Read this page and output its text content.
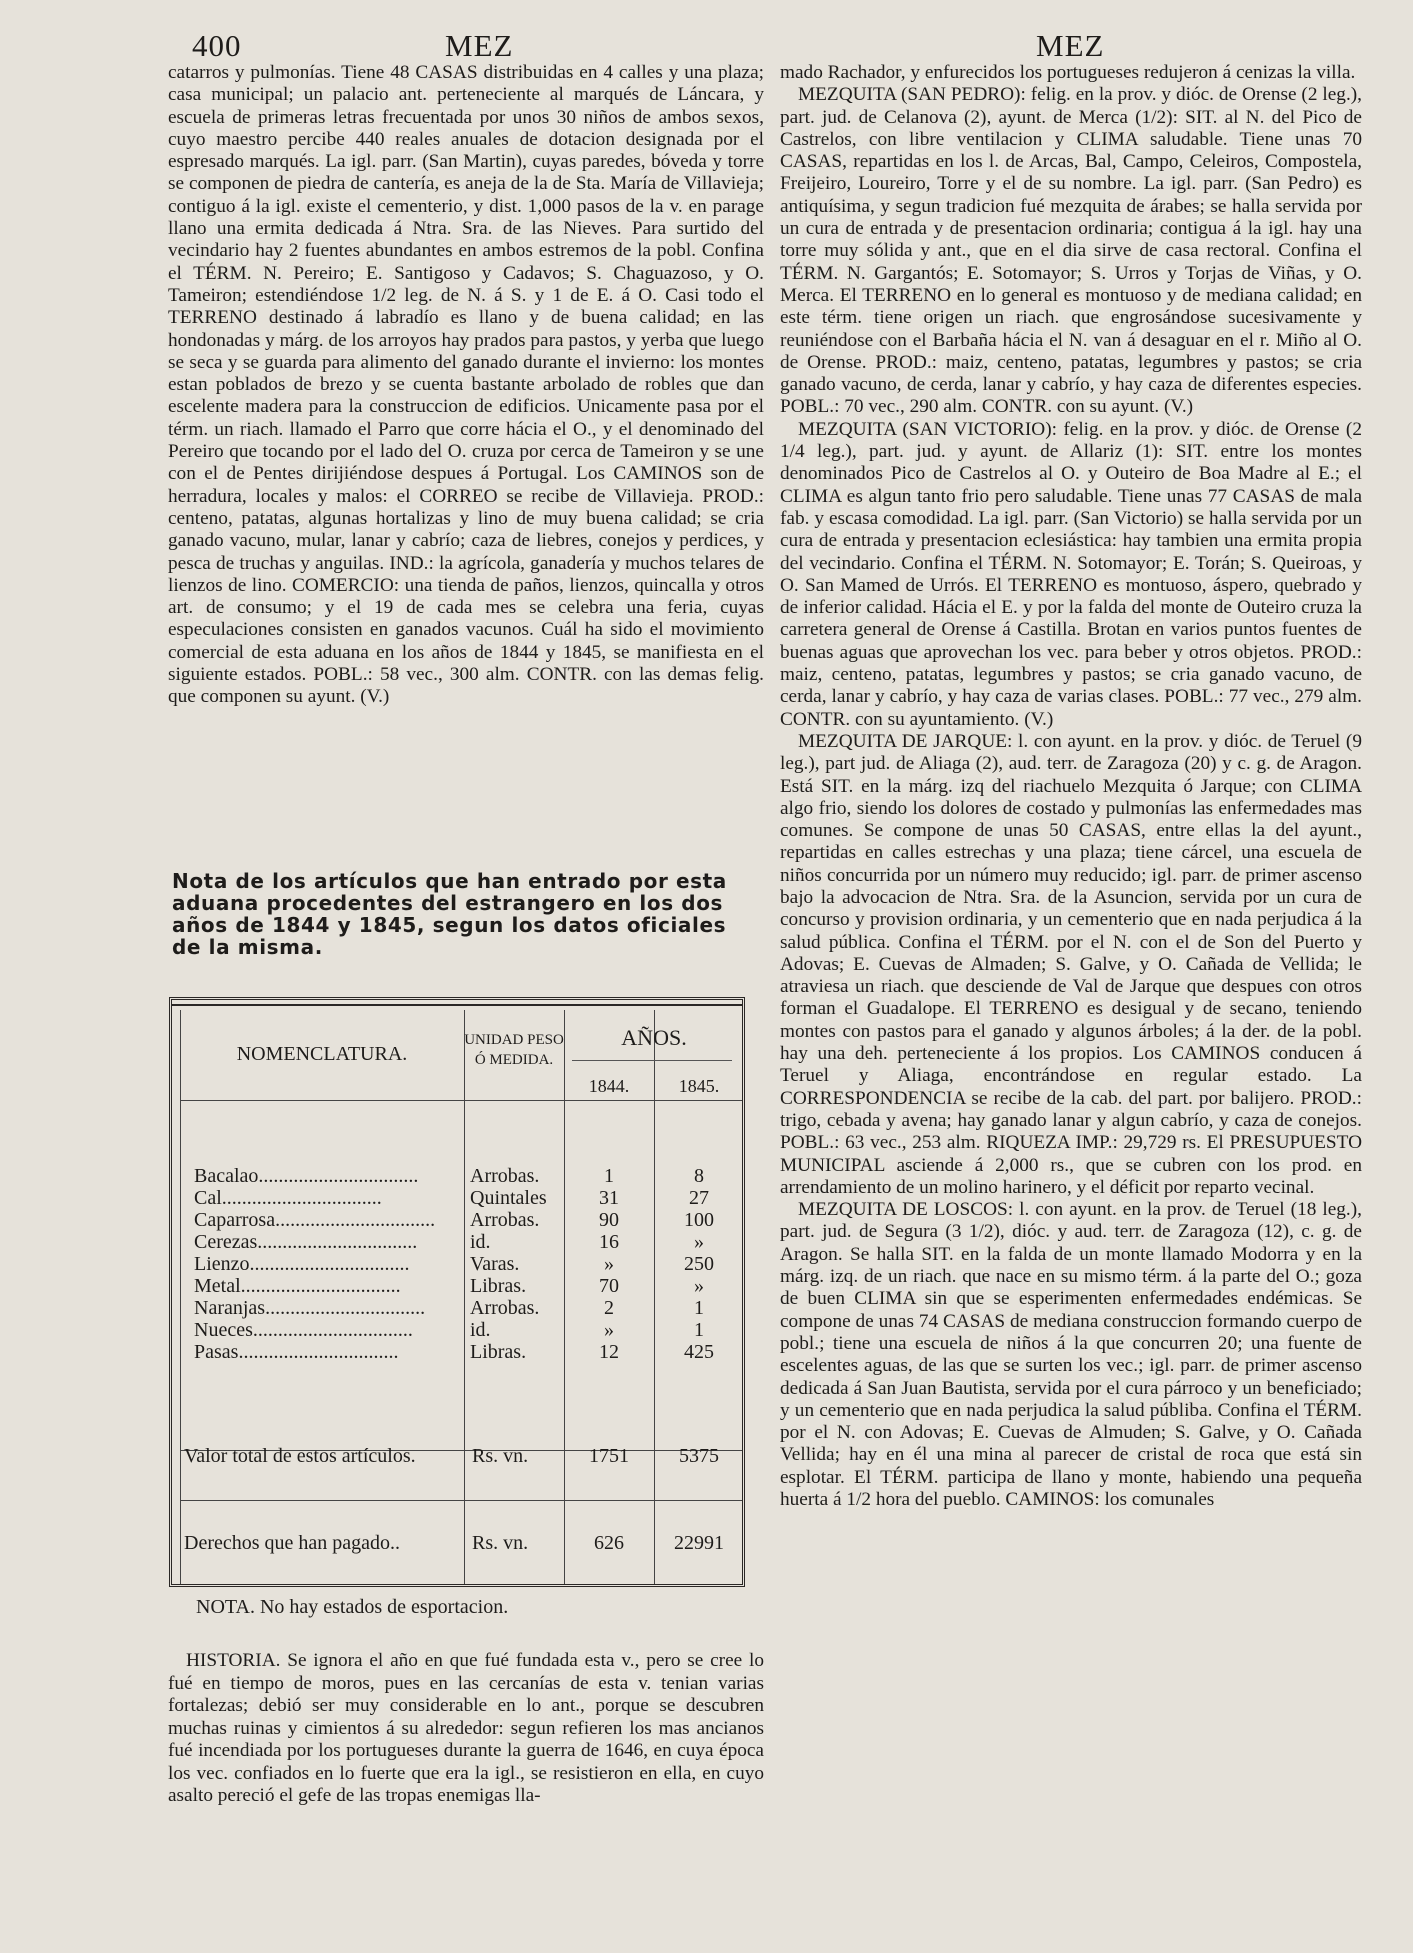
400	MEZ	MEZ

catarros y pulmonías. Tiene 48 CASAS distribuidas en 4 calles y una plaza; casa municipal; un palacio ant. perteneciente al marqués de Láncara, y escuela de primeras letras frecuentada por unos 30 niños de ambos sexos, cuyo maestro percibe 440 reales anuales de dotacion designada por el espresado marqués. La igl. parr. (San Martin), cuyas paredes, bóveda y torre se componen de piedra de cantería, es aneja de la de Sta. María de Villavieja; contiguo á la igl. existe el cementerio, y dist. 1,000 pasos de la v. en parage llano una ermita dedicada á Ntra. Sra. de las Nieves. Para surtido del vecindario hay 2 fuentes abundantes en ambos estremos de la pobl. Confina el TÉRM. N. Pereiro; E. Santigoso y Cadavos; S. Chaguazoso, y O. Tameiron; estendiéndose 1/2 leg. de N. á S. y 1 de E. á O. Casi todo el TERRENO destinado á labradío es llano y de buena calidad; en las hondonadas y márg. de los arroyos hay prados para pastos, y yerba que luego se seca y se guarda para alimento del ganado durante el invierno: los montes estan poblados de brezo y se cuenta bastante arbolado de robles que dan escelente madera para la construccion de edificios. Unicamente pasa por el térm. un riach. llamado el Parro que corre hácia el O., y el denominado del Pereiro que tocando por el lado del O. cruza por cerca de Tameiron y se une con el de Pentes dirijiéndose despues á Portugal. Los CAMINOS son de herradura, locales y malos: el CORREO se recibe de Villavieja. PROD.: centeno, patatas, algunas hortalizas y lino de muy buena calidad; se cria ganado vacuno, mular, lanar y cabrío; caza de liebres, conejos y perdices, y pesca de truchas y anguilas. IND.: la agrícola, ganadería y muchos telares de lienzos de lino. COMERCIO: una tienda de paños, lienzos, quincalla y otros art. de consumo; y el 19 de cada mes se celebra una feria, cuyas especulaciones consisten en ganados vacunos. Cuál ha sido el movimiento comercial de esta aduana en los años de 1844 y 1845, se manifiesta en el siguiente estados. POBL.: 58 vec., 300 alm. CONTR. con las demas felig. que componen su ayunt. (V.)

Nota de los artículos que han entrado por esta aduana procedentes del estrangero en los dos años de 1844 y 1845, segun los datos oficiales de la misma.
NOMENCLATURA.
UNIDAD PESO Ó MEDIDA.
AÑOS.
1844.	1845.
Bacalao................................	Arrobas.	1	8
Cal................................	Quintales	31	27
Caparrosa................................	Arrobas.	90	100
Cerezas................................	id.	16	»
Lienzo................................	Varas.	»	250
Metal................................	Libras.	70	»
Naranjas................................	Arrobas.	2	1
Nueces................................	id.	»	1
Pasas................................	Libras.	12	425
Valor total de estos artículos.	Rs. vn.	1751	5375
Derechos que han pagado..	Rs. vn.	626	22991
NOTA. No hay estados de esportacion.

HISTORIA. Se ignora el año en que fué fundada esta v., pero se cree lo fué en tiempo de moros, pues en las cercanías de esta v. tenian varias fortalezas; debió ser muy considerable en lo ant., porque se descubren muchas ruinas y cimientos á su alrededor: segun refieren los mas ancianos fué incendiada por los portugueses durante la guerra de 1646, en cuya época los vec. confiados en lo fuerte que era la igl., se resistieron en ella, en cuyo asalto pereció el gefe de las tropas enemigas lla-

mado Rachador, y enfurecidos los portugueses redujeron á cenizas la villa.

MEZQUITA (SAN PEDRO): felig. en la prov. y dióc. de Orense (2 leg.), part. jud. de Celanova (2), ayunt. de Merca (1/2): SIT. al N. del Pico de Castrelos, con libre ventilacion y CLIMA saludable. Tiene unas 70 CASAS, repartidas en los l. de Arcas, Bal, Campo, Celeiros, Compostela, Freijeiro, Loureiro, Torre y el de su nombre. La igl. parr. (San Pedro) es antiquísima, y segun tradicion fué mezquita de árabes; se halla servida por un cura de entrada y de presentacion ordinaria; contigua á la igl. hay una torre muy sólida y ant., que en el dia sirve de casa rectoral. Confina el TÉRM. N. Gargantós; E. Sotomayor; S. Urros y Torjas de Viñas, y O. Merca. El TERRENO en lo general es montuoso y de mediana calidad; en este térm. tiene origen un riach. que engrosándose sucesivamente y reuniéndose con el Barbaña hácia el N. van á desaguar en el r. Miño al O. de Orense. PROD.: maiz, centeno, patatas, legumbres y pastos; se cria ganado vacuno, de cerda, lanar y cabrío, y hay caza de diferentes especies. POBL.: 70 vec., 290 alm. CONTR. con su ayunt. (V.)

MEZQUITA (SAN VICTORIO): felig. en la prov. y dióc. de Orense (2 1/4 leg.), part. jud. y ayunt. de Allariz (1): SIT. entre los montes denominados Pico de Castrelos al O. y Outeiro de Boa Madre al E.; el CLIMA es algun tanto frio pero saludable. Tiene unas 77 CASAS de mala fab. y escasa comodidad. La igl. parr. (San Victorio) se halla servida por un cura de entrada y presentacion eclesiástica: hay tambien una ermita propia del vecindario. Confina el TÉRM. N. Sotomayor; E. Torán; S. Queiroas, y O. San Mamed de Urrós. El TERRENO es montuoso, áspero, quebrado y de inferior calidad. Hácia el E. y por la falda del monte de Outeiro cruza la carretera general de Orense á Castilla. Brotan en varios puntos fuentes de buenas aguas que aprovechan los vec. para beber y otros objetos. PROD.: maiz, centeno, patatas, legumbres y pastos; se cria ganado vacuno, de cerda, lanar y cabrío, y hay caza de varias clases. POBL.: 77 vec., 279 alm. CONTR. con su ayuntamiento. (V.)

MEZQUITA DE JARQUE: l. con ayunt. en la prov. y dióc. de Teruel (9 leg.), part jud. de Aliaga (2), aud. terr. de Zaragoza (20) y c. g. de Aragon. Está SIT. en la márg. izq del riachuelo Mezquita ó Jarque; con CLIMA algo frio, siendo los dolores de costado y pulmonías las enfermedades mas comunes. Se compone de unas 50 CASAS, entre ellas la del ayunt., repartidas en calles estrechas y una plaza; tiene cárcel, una escuela de niños concurrida por un número muy reducido; igl. parr. de primer ascenso bajo la advocacion de Ntra. Sra. de la Asuncion, servida por un cura de concurso y provision ordinaria, y un cementerio que en nada perjudica á la salud pública. Confina el TÉRM. por el N. con el de Son del Puerto y Adovas; E. Cuevas de Almaden; S. Galve, y O. Cañada de Vellida; le atraviesa un riach. que desciende de Val de Jarque que despues con otros forman el Guadalope. El TERRENO es desigual y de secano, teniendo montes con pastos para el ganado y algunos árboles; á la der. de la pobl. hay una deh. perteneciente á los propios. Los CAMINOS conducen á Teruel y Aliaga, encontrándose en regular estado. La CORRESPONDENCIA se recibe de la cab. del part. por balijero. PROD.: trigo, cebada y avena; hay ganado lanar y algun cabrío, y caza de conejos. POBL.: 63 vec., 253 alm. RIQUEZA IMP.: 29,729 rs. El PRESUPUESTO MUNICIPAL asciende á 2,000 rs., que se cubren con los prod. en arrendamiento de un molino harinero, y el déficit por reparto vecinal.

MEZQUITA DE LOSCOS: l. con ayunt. en la prov. de Teruel (18 leg.), part. jud. de Segura (3 1/2), dióc. y aud. terr. de Zaragoza (12), c. g. de Aragon. Se halla SIT. en la falda de un monte llamado Modorra y en la márg. izq. de un riach. que nace en su mismo térm. á la parte del O.; goza de buen CLIMA sin que se esperimenten enfermedades endémicas. Se compone de unas 74 CASAS de mediana construccion formando cuerpo de pobl.; tiene una escuela de niños á la que concurren 20; una fuente de escelentes aguas, de las que se surten los vec.; igl. parr. de primer ascenso dedicada á San Juan Bautista, servida por el cura párroco y un beneficiado; y un cementerio que en nada perjudica la salud públiba. Confina el TÉRM. por el N. con Adovas; E. Cuevas de Almuden; S. Galve, y O. Cañada Vellida; hay en él una mina al parecer de cristal de roca que está sin esplotar. El TÉRM. participa de llano y monte, habiendo una pequeña huerta á 1/2 hora del pueblo. CAMINOS: los comunales
